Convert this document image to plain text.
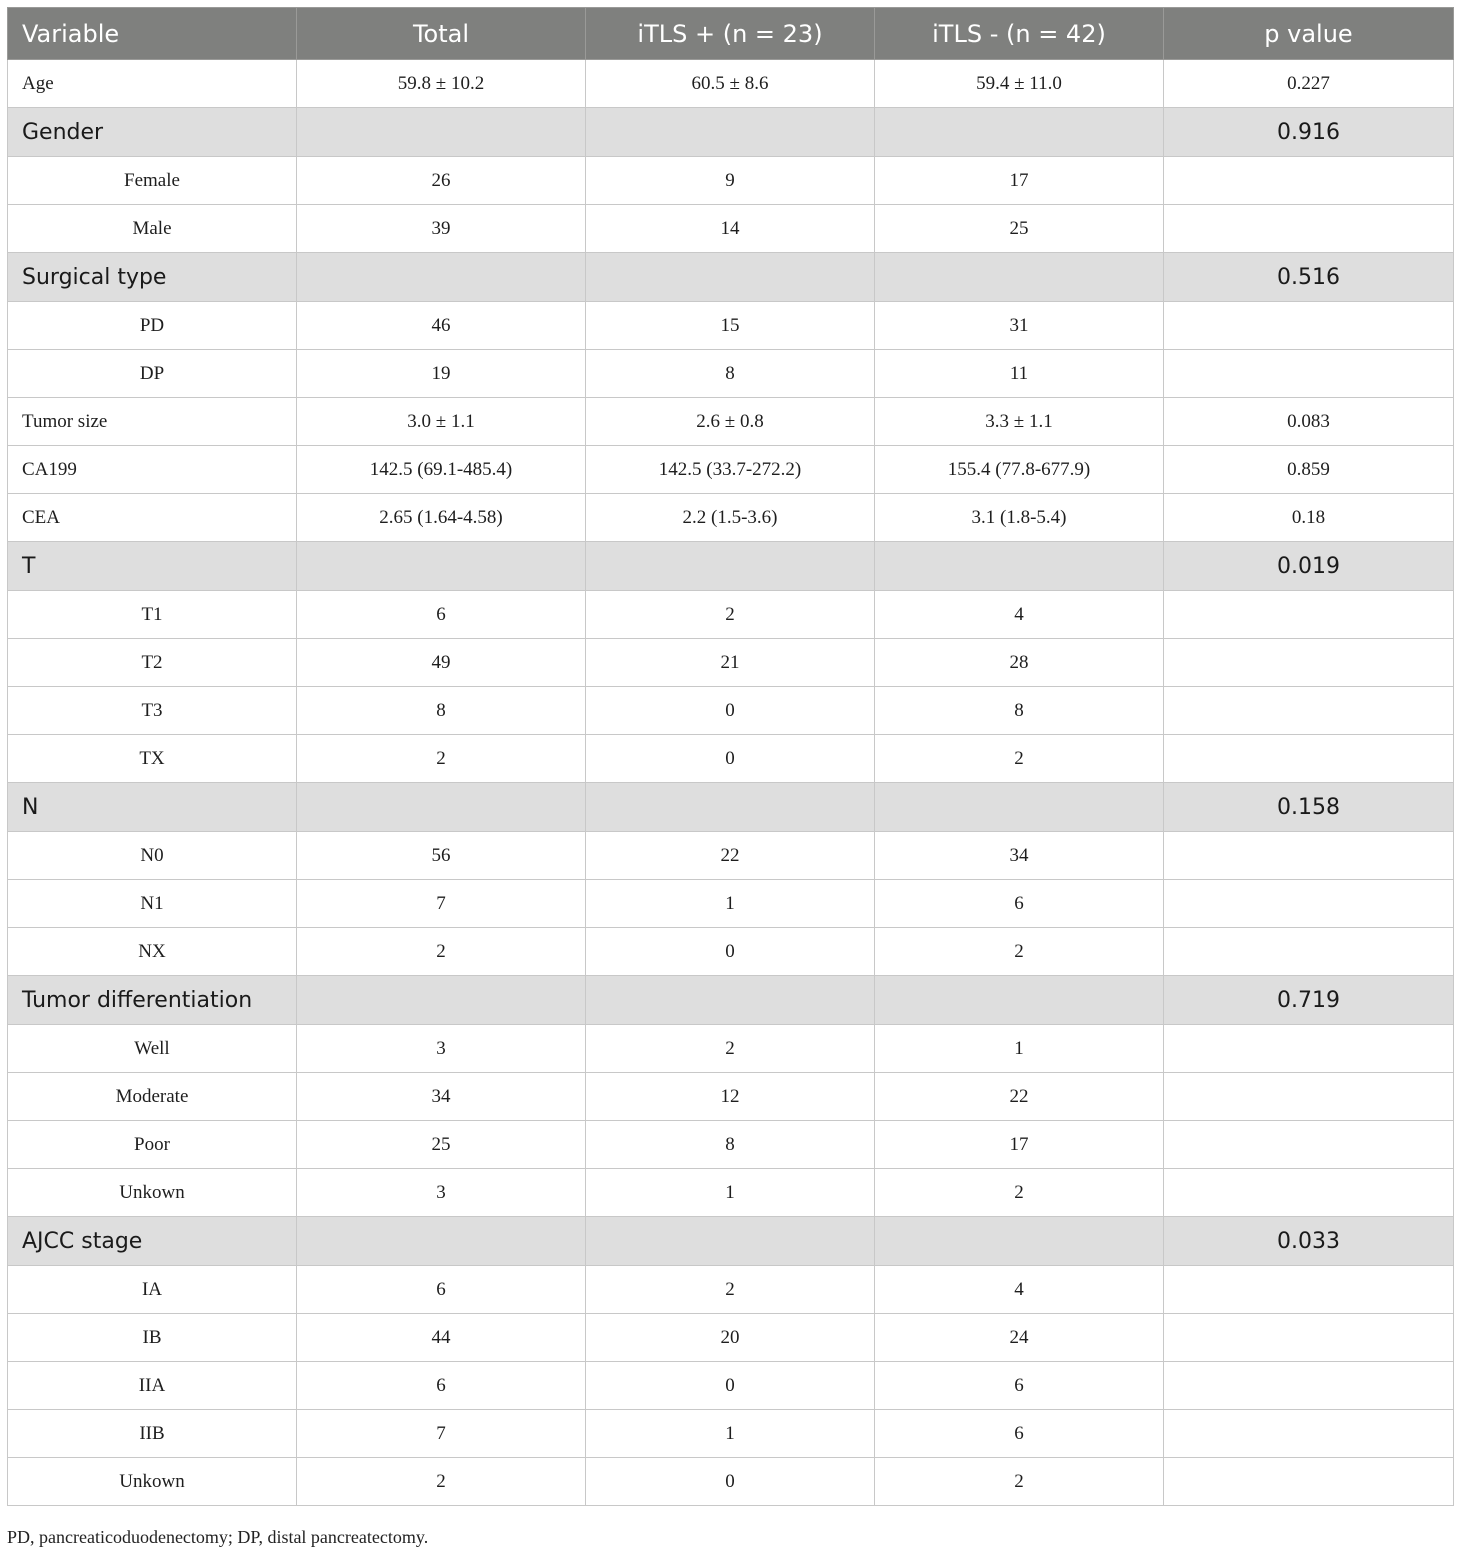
Variable	Total	iTLS + (n = 23)	iTLS - (n = 42)	p value
Age	59.8 ± 10.2	60.5 ± 8.6	59.4 ± 11.0	0.227
Gender				0.916
Female	26	9	17	
Male	39	14	25	
Surgical type				0.516
PD	46	15	31	
DP	19	8	11	
Tumor size	3.0 ± 1.1	2.6 ± 0.8	3.3 ± 1.1	0.083
CA199	142.5 (69.1-485.4)	142.5 (33.7-272.2)	155.4 (77.8-677.9)	0.859
CEA	2.65 (1.64-4.58)	2.2 (1.5-3.6)	3.1 (1.8-5.4)	0.18
T				0.019
T1	6	2	4	
T2	49	21	28	
T3	8	0	8	
TX	2	0	2	
N				0.158
N0	56	22	34	
N1	7	1	6	
NX	2	0	2	
Tumor differentiation				0.719
Well	3	2	1	
Moderate	34	12	22	
Poor	25	8	17	
Unkown	3	1	2	
AJCC stage				0.033
IA	6	2	4	
IB	44	20	24	
IIA	6	0	6	
IIB	7	1	6	
Unkown	2	0	2	
PD, pancreaticoduodenectomy; DP, distal pancreatectomy.
